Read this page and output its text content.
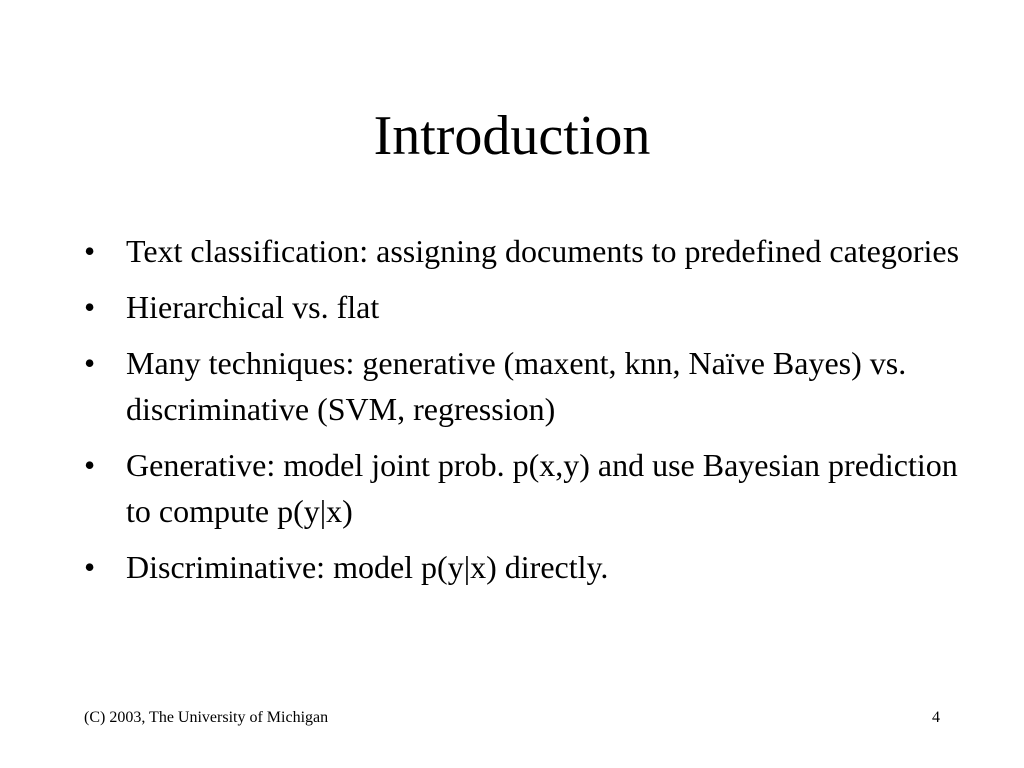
Introduction
• Text classification: assigning documents to predefined categories
• Hierarchical vs. flat
• Many techniques: generative (maxent, knn, Naïve Bayes) vs. discriminative (SVM, regression)
• Generative: model joint prob. p(x,y) and use Bayesian prediction to compute p(y|x)
• Discriminative: model p(y|x) directly.
(C) 2003, The University of Michigan	4
